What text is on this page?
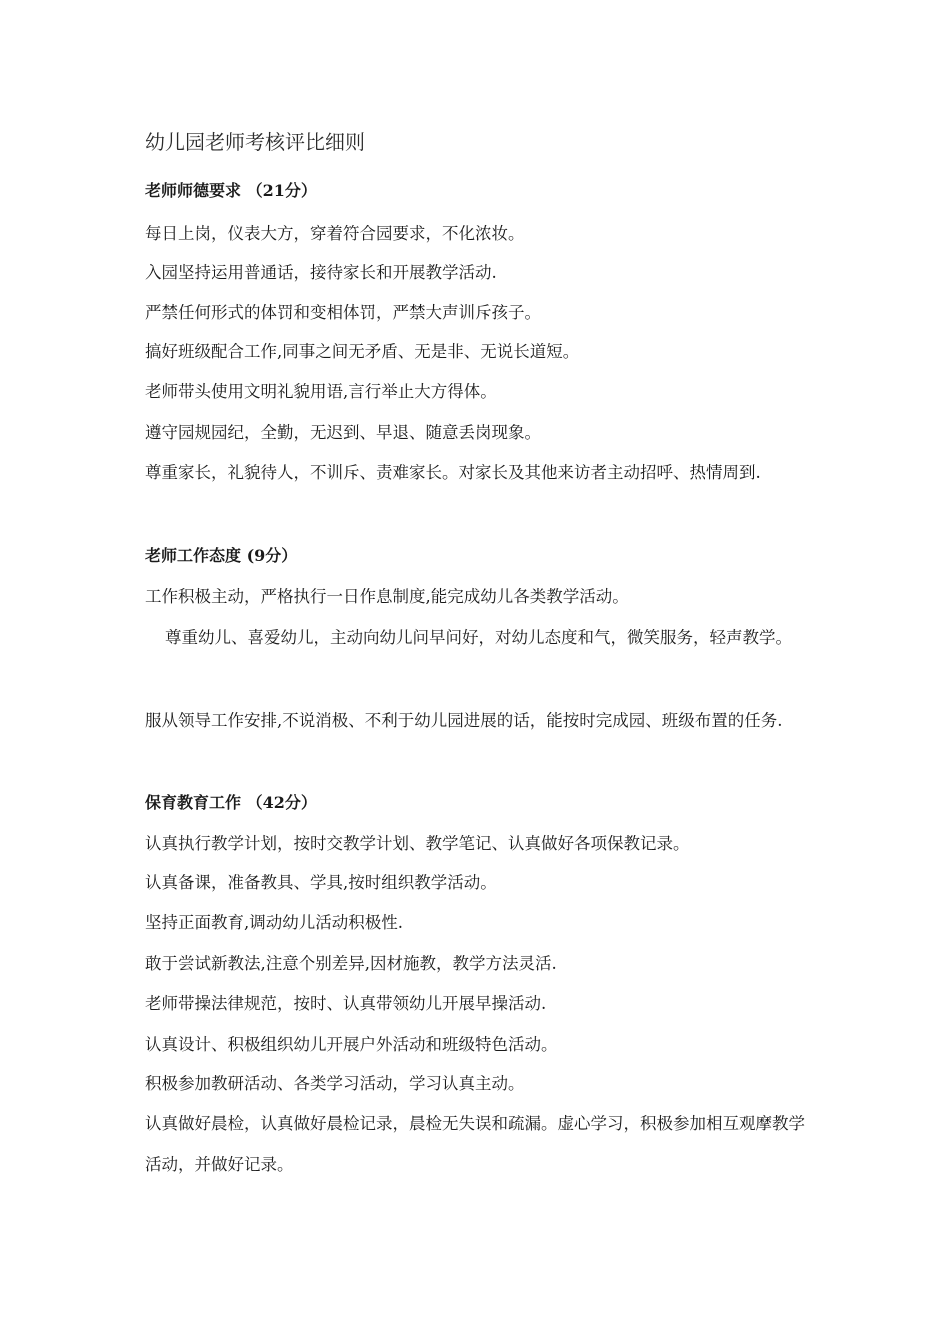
幼儿园老师考核评比细则
老师师德要求 （21分）

每日上岗，仪表大方，穿着符合园要求，不化浓妆。

入园坚持运用普通话，接待家长和开展教学活动.

严禁任何形式的体罚和变相体罚，严禁大声训斥孩子。

搞好班级配合工作,同事之间无矛盾、无是非、无说长道短。

老师带头使用文明礼貌用语,言行举止大方得体。

遵守园规园纪，全勤，无迟到、早退、随意丢岗现象。

尊重家长，礼貌待人，不训斥、责难家长。对家长及其他来访者主动招呼、热情周到.

老师工作态度 (9分）

工作积极主动，严格执行一日作息制度,能完成幼儿各类教学活动。

尊重幼儿、喜爱幼儿，主动向幼儿问早问好，对幼儿态度和气，微笑服务，轻声教学。

服从领导工作安排,不说消极、不利于幼儿园进展的话，能按时完成园、班级布置的任务.

保育教育工作 （42分）

认真执行教学计划，按时交教学计划、教学笔记、认真做好各项保教记录。

认真备课，准备教具、学具,按时组织教学活动。

坚持正面教育,调动幼儿活动积极性.

敢于尝试新教法,注意个别差异,因材施教，教学方法灵活.

老师带操法律规范，按时、认真带领幼儿开展早操活动.

认真设计、积极组织幼儿开展户外活动和班级特色活动。

积极参加教研活动、各类学习活动，学习认真主动。

认真做好晨检，认真做好晨检记录，晨检无失误和疏漏。虚心学习，积极参加相互观摩教学活动，并做好记录。
